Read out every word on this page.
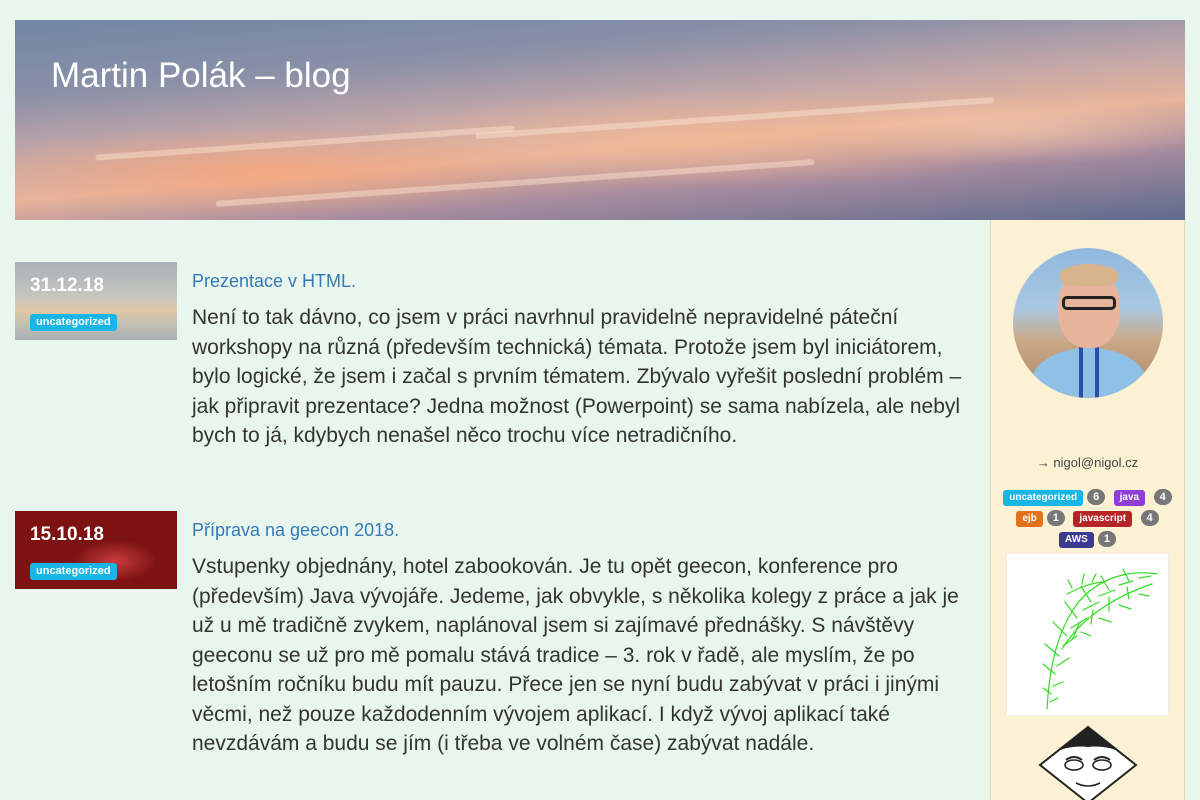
Martin Polák – blog
31.12.18
uncategorized
Prezentace v HTML.

Není to tak dávno, co jsem v práci navrhnul pravidelně nepravidelné páteční workshopy na různá (především technická) témata. Protože jsem byl iniciátorem, bylo logické, že jsem i začal s prvním tématem. Zbývalo vyřešit poslední problém – jak připravit prezentace? Jedna možnost (Powerpoint) se sama nabízela, ale nebyl bych to já, kdybych nenašel něco trochu více netradičního.

15.10.18
uncategorized
Příprava na geecon 2018.

Vstupenky objednány, hotel zabookován. Je tu opět geecon, konference pro (především) Java vývojáře. Jedeme, jak obvykle, s několika kolegy z práce a jak je už u mě tradičně zvykem, naplánoval jsem si zajímavé přednášky. S návštěvy geeconu se už pro mě pomalu stává tradice – 3. rok v řadě, ale myslím, že po letošním ročníku budu mít pauzu. Přece jen se nyní budu zabývat v práci i jinými věcmi, než pouze každodenním vývojem aplikací. I když vývoj aplikací také nevzdávám a budu se jím (i třeba ve volném čase) zabývat nadále.

→ nigol@nigol.cz
uncategorized 6 java 4 ejb 1 javascript 4 AWS 1
